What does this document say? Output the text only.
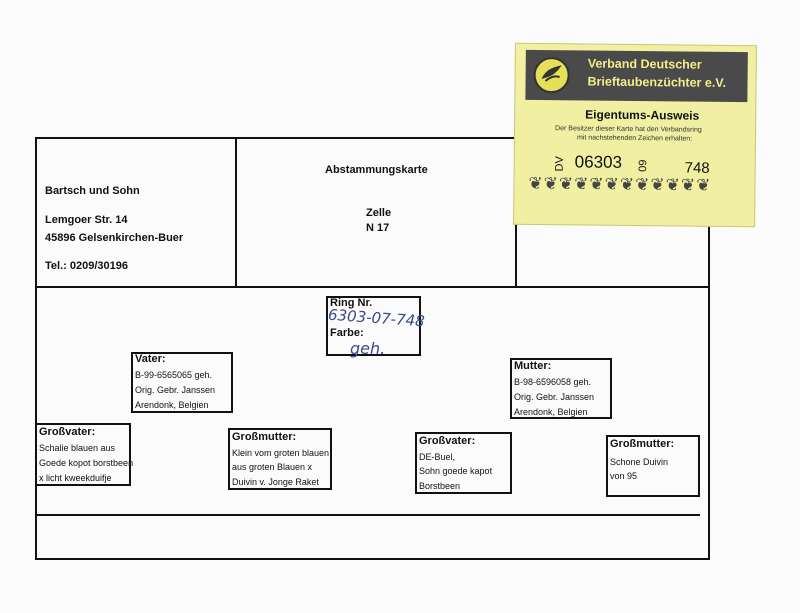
Bartsch und Sohn
Lemgoer Str. 14
45896 Gelsenkirchen-Buer
Tel.: 0209/30196
Abstammungskarte
Zelle
N 17
Ring Nr.
6303-07-748
Farbe:
geh.
Vater:
B-99-6565065 geh.
Orig. Gebr. Janssen
Arendonk, Belgien
Mutter:
B-98-6596058 geh.
Orig. Gebr. Janssen
Arendonk, Belgien
Großvater:
Schalie blauen aus
Goede kopot borstbeen
x licht kweekduifje
Großmutter:
Klein vom groten blauen
aus groten Blauen x
Duivin v. Jonge Raket
Großvater:
DE-Buel,
Sohn goede kapot
Borstbeen
Großmutter:
Schone Duivin
von 95
Verband Deutscher
Brieftaubenzüchter e.V.
Eigentums-Ausweis
Der Besitzer dieser Karte hat den Verbandsring
mit nachstehenden Zeichen erhalten:
DV 06303 09 748
❦❦❦❦❦❦❦❦❦❦❦❦
